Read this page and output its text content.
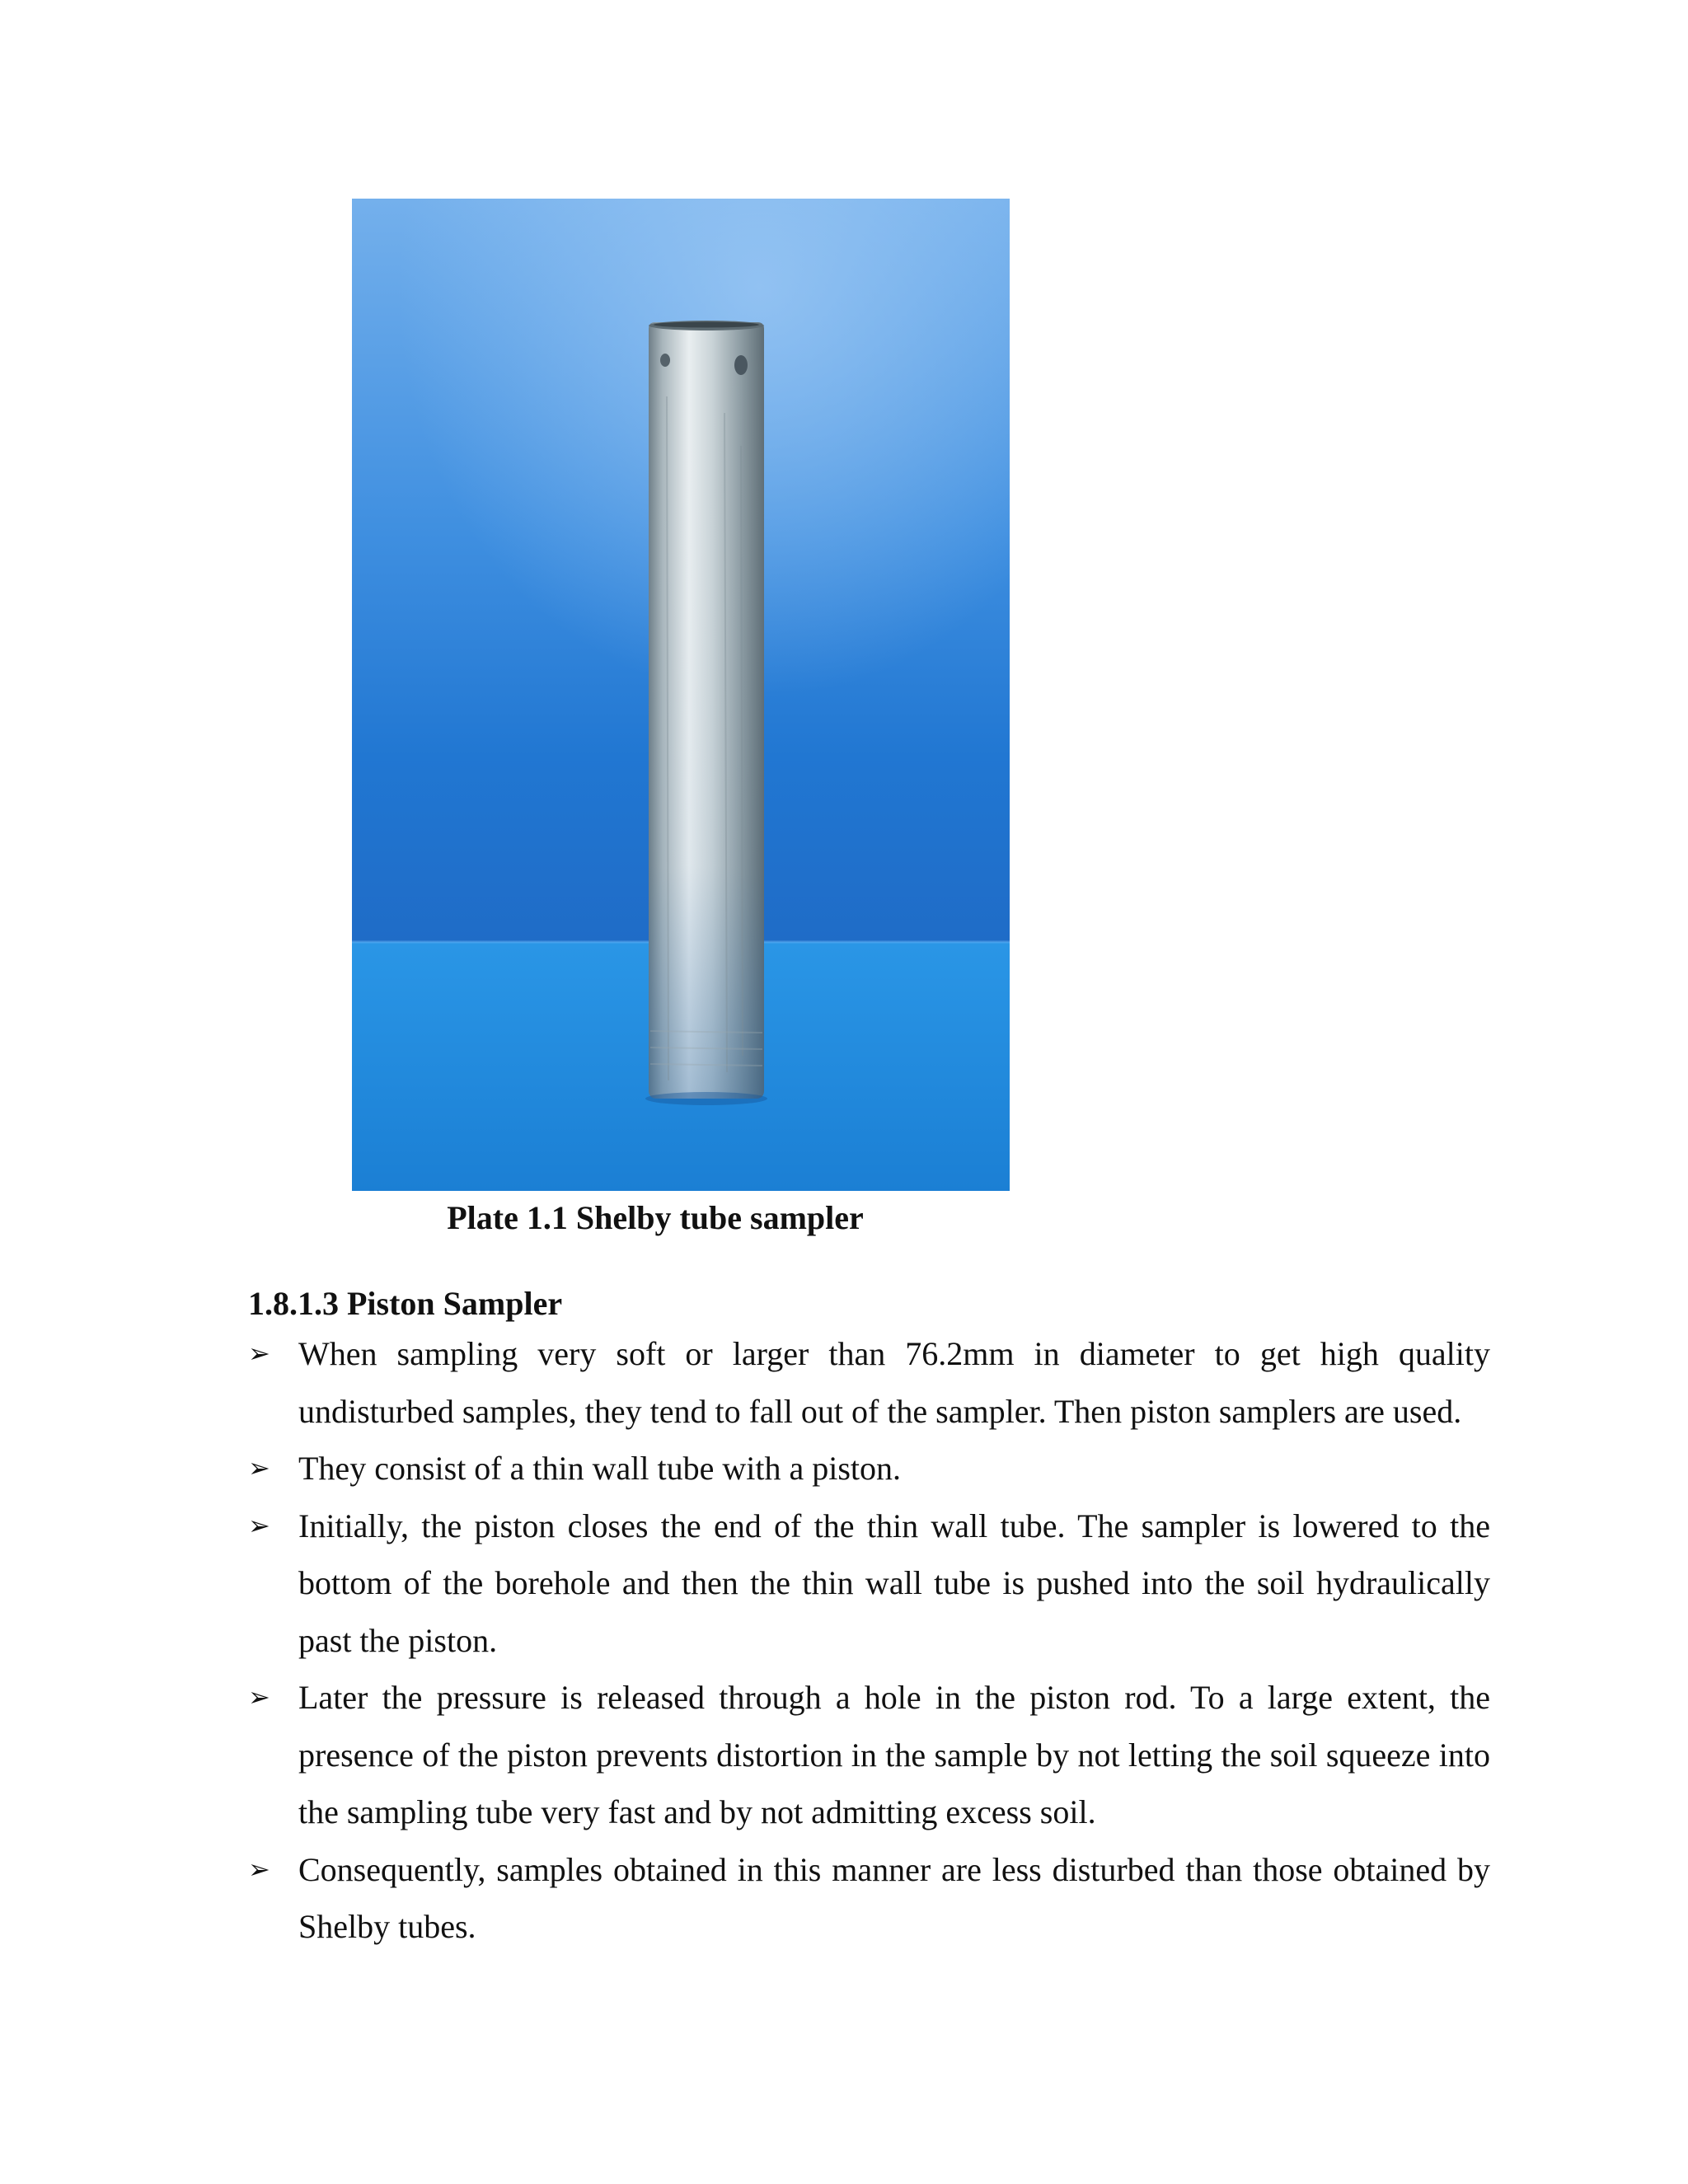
Plate 1.1 Shelby tube sampler
1.8.1.3 Piston Sampler
➢ When sampling very soft or larger than 76.2mm in diameter to get high quality undisturbed samples, they tend to fall out of the sampler. Then piston samplers are used.
➢ They consist of a thin wall tube with a piston.
➢ Initially, the piston closes the end of the thin wall tube. The sampler is lowered to the bottom of the borehole and then the thin wall tube is pushed into the soil hydraulically past the piston.
➢ Later the pressure is released through a hole in the piston rod. To a large extent, the presence of the piston prevents distortion in the sample by not letting the soil squeeze into the sampling tube very fast and by not admitting excess soil.
➢ Consequently, samples obtained in this manner are less disturbed than those obtained by Shelby tubes.
